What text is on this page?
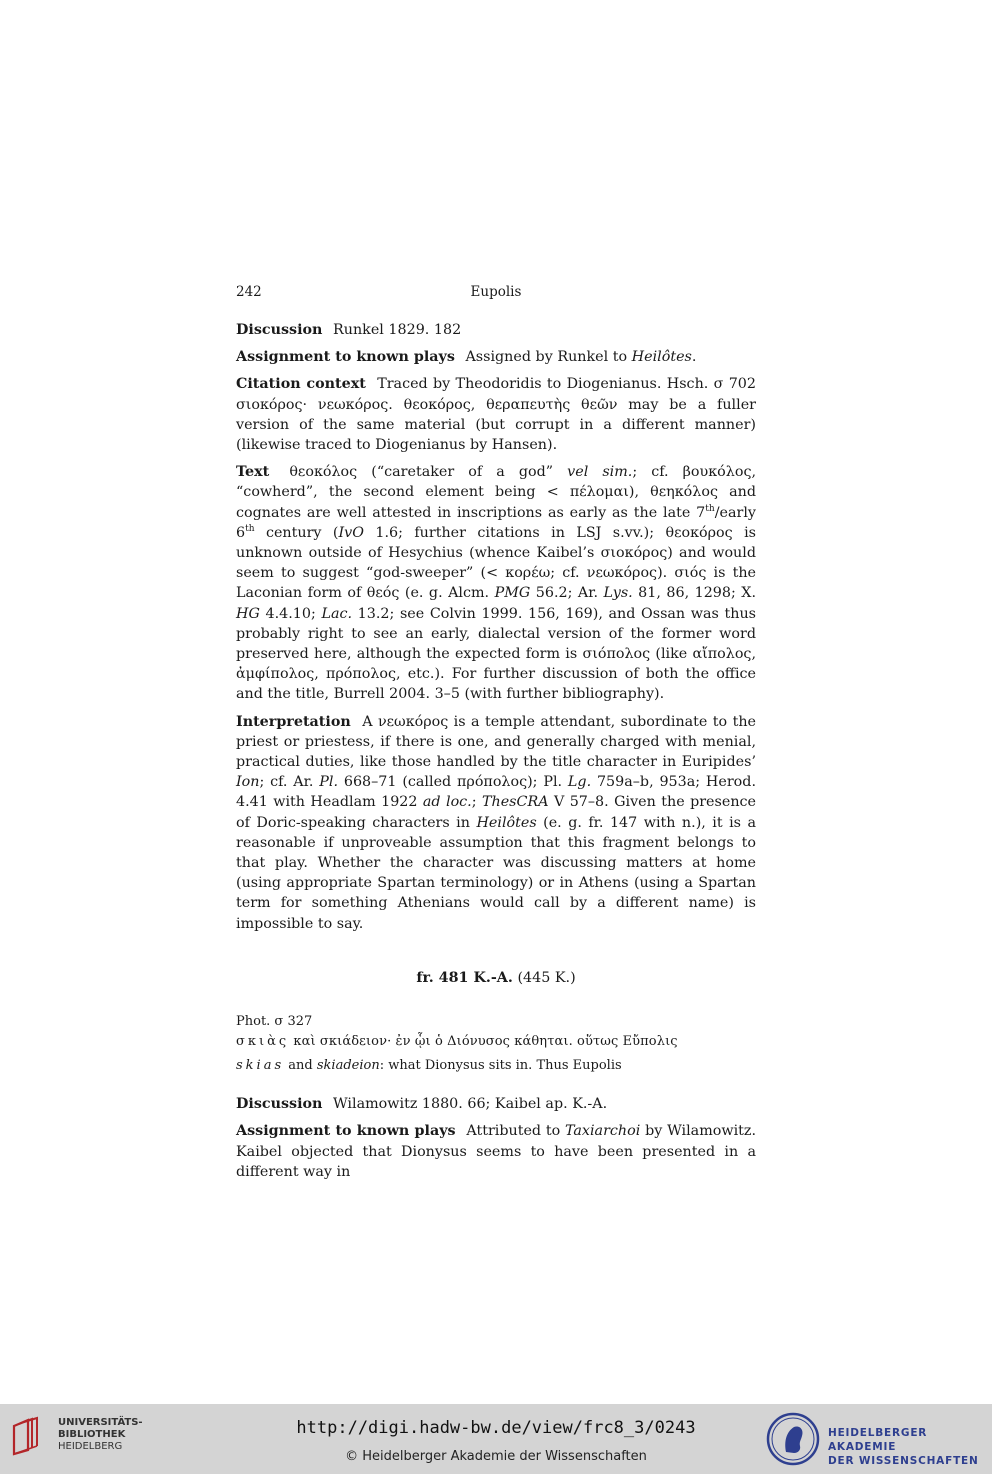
242	Eupolis

Discussion Runkel 1829. 182

Assignment to known plays Assigned by Runkel to Heilôtes.

Citation context Traced by Theodoridis to Diogenianus. Hsch. σ 702 σιοκόρος· νεωκόρος. θεοκόρος, θεραπευτὴς θεῶν may be a fuller version of the same material (but corrupt in a different manner) (likewise traced to Diogenianus by Hansen).

Text θεοκόλος (“caretaker of a god” vel sim.; cf. βουκόλος, “cowherd”, the second element being < πέλομαι), θεηκόλος and cognates are well attested in inscriptions as early as the late 7th/early 6th century (IvO 1.6; further citations in LSJ s.vv.); θεοκόρος is unknown outside of Hesychius (whence Kaibel’s σιοκόρος) and would seem to suggest “god-sweeper” (< κορέω; cf. νεωκόρος). σιός is the Laconian form of θεός (e. g. Alcm. PMG 56.2; Ar. Lys. 81, 86, 1298; X. HG 4.4.10; Lac. 13.2; see Colvin 1999. 156, 169), and Ossan was thus probably right to see an early, dialectal version of the former word preserved here, although the expected form is σιόπολος (like αἴπολος, ἀμφίπολος, πρόπολος, etc.). For further discussion of both the office and the title, Burrell 2004. 3–5 (with further bibliography).

Interpretation A νεωκόρος is a temple attendant, subordinate to the priest or priestess, if there is one, and generally charged with menial, practical duties, like those handled by the title character in Euripides’ Ion; cf. Ar. Pl. 668–71 (called πρόπολος); Pl. Lg. 759a–b, 953a; Herod. 4.41 with Headlam 1922 ad loc.; ThesCRA V 57–8. Given the presence of Doric-speaking characters in Heilôtes (e. g. fr. 147 with n.), it is a reasonable if unproveable assumption that this fragment belongs to that play. Whether the character was discussing matters at home (using appropriate Spartan terminology) or in Athens (using a Spartan term for something Athenians would call by a different name) is impossible to say.

fr. 481 K.-A. (445 K.)

Phot. σ 327

σκιὰς καὶ σκιάδειον· ἐν ᾧι ὁ Διόνυσος κάθηται. οὕτως Εὔπολις

skias and skiadeion: what Dionysus sits in. Thus Eupolis

Discussion Wilamowitz 1880. 66; Kaibel ap. K.-A.

Assignment to known plays Attributed to Taxiarchoi by Wilamowitz. Kaibel objected that Dionysus seems to have been presented in a different way in

UNIVERSITÄTS-
BIBLIOTHEK
HEIDELBERG
http://digi.hadw-bw.de/view/frc8_3/0243
© Heidelberger Akademie der Wissenschaften
HEIDELBERGER AKADEMIE
DER WISSENSCHAFTEN
